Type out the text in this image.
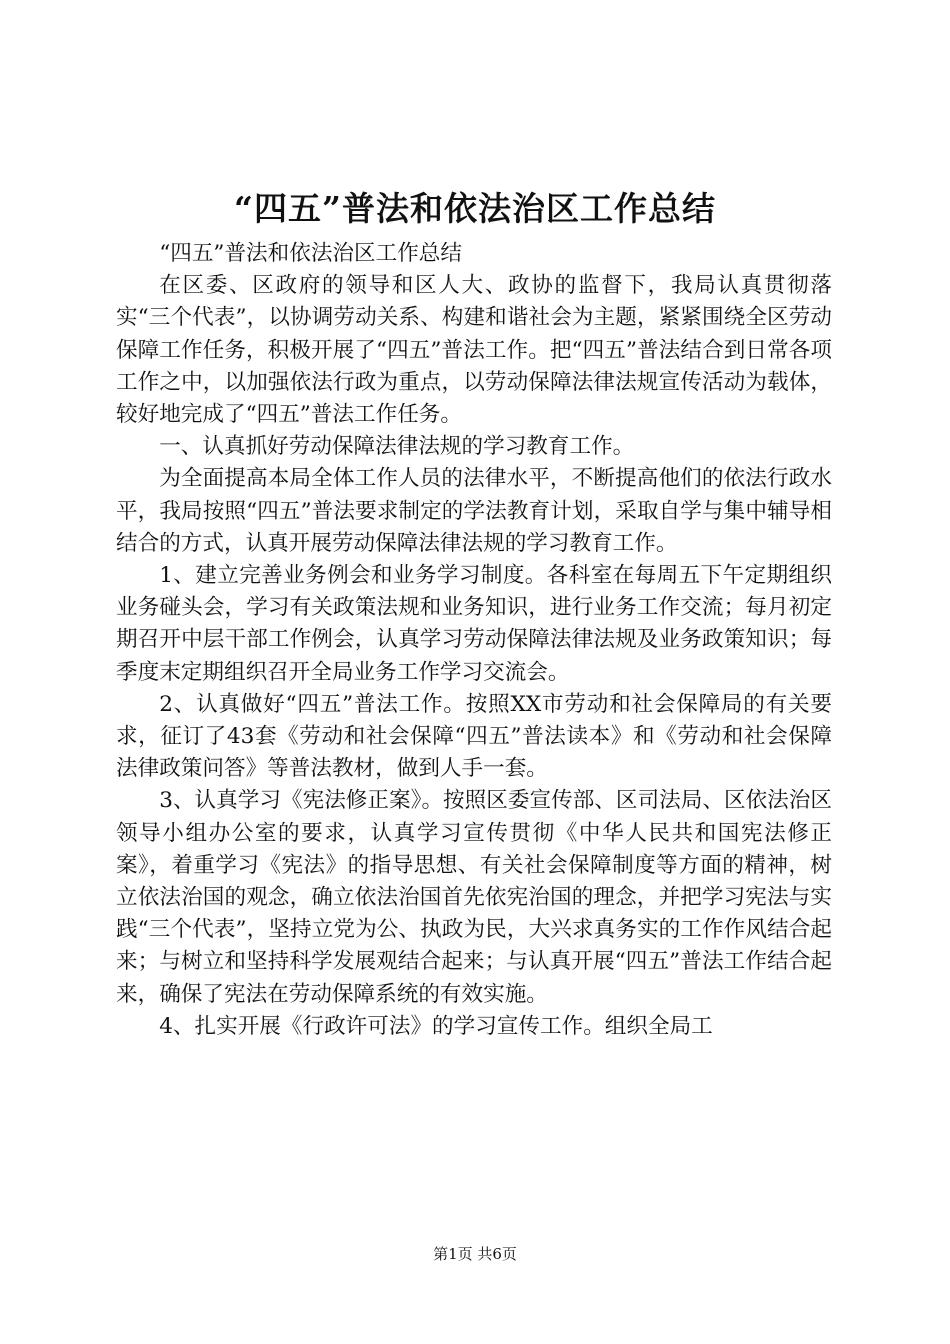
“四五”普法和依法治区工作总结

“四五”普法和依法治区工作总结

在区委、区政府的领导和区人大、政协的监督下，我局认真贯彻落实“三个代表”，以协调劳动关系、构建和谐社会为主题，紧紧围绕全区劳动保障工作任务，积极开展了“四五”普法工作。把“四五”普法结合到日常各项工作之中，以加强依法行政为重点，以劳动保障法律法规宣传活动为载体，较好地完成了“四五”普法工作任务。

一、认真抓好劳动保障法律法规的学习教育工作。

为全面提高本局全体工作人员的法律水平，不断提高他们的依法行政水平，我局按照“四五”普法要求制定的学法教育计划，采取自学与集中辅导相结合的方式，认真开展劳动保障法律法规的学习教育工作。

1、建立完善业务例会和业务学习制度。各科室在每周五下午定期组织业务碰头会，学习有关政策法规和业务知识，进行业务工作交流；每月初定期召开中层干部工作例会，认真学习劳动保障法律法规及业务政策知识；每季度末定期组织召开全局业务工作学习交流会。

2、认真做好“四五”普法工作。按照XX市劳动和社会保障局的有关要求，征订了43套《劳动和社会保障“四五”普法读本》和《劳动和社会保障法律政策问答》等普法教材，做到人手一套。

3、认真学习《宪法修正案》。按照区委宣传部、区司法局、区依法治区领导小组办公室的要求，认真学习宣传贯彻《中华人民共和国宪法修正案》，着重学习《宪法》的指导思想、有关社会保障制度等方面的精神，树立依法治国的观念，确立依法治国首先依宪治国的理念，并把学习宪法与实践“三个代表”，坚持立党为公、执政为民，大兴求真务实的工作作风结合起来；与树立和坚持科学发展观结合起来；与认真开展“四五”普法工作结合起来，确保了宪法在劳动保障系统的有效实施。

4、扎实开展《行政许可法》的学习宣传工作。组织全局工

第1页 共6页
